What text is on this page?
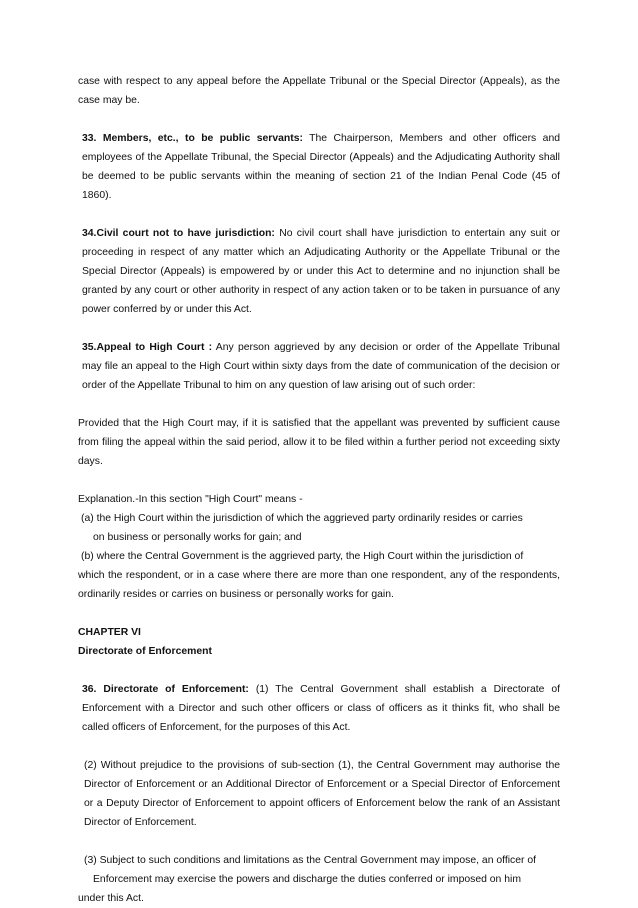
case with respect to any appeal before the Appellate Tribunal or the Special Director (Appeals), as the case may be.

33. Members, etc., to be public servants: The Chairperson, Members and other officers and employees of the Appellate Tribunal, the Special Director (Appeals) and the Adjudicating Authority shall be deemed to be public servants within the meaning of section 21 of the Indian Penal Code (45 of 1860).

34.Civil court not to have jurisdiction: No civil court shall have jurisdiction to entertain any suit or proceeding in respect of any matter which an Adjudicating Authority or the Appellate Tribunal or the Special Director (Appeals) is empowered by or under this Act to determine and no injunction shall be granted by any court or other authority in respect of any action taken or to be taken in pursuance of any power conferred by or under this Act.

35.Appeal to High Court : Any person aggrieved by any decision or order of the Appellate Tribunal may file an appeal to the High Court within sixty days from the date of communication of the decision or order of the Appellate Tribunal to him on any question of law arising out of such order:

Provided that the High Court may, if it is satisfied that the appellant was prevented by sufficient cause from filing the appeal within the said period, allow it to be filed within a further period not exceeding sixty days.

Explanation.-In this section "High Court" means -
(a) the High Court within the jurisdiction of which the aggrieved party ordinarily resides or carries
on business or personally works for gain; and
(b) where the Central Government is the aggrieved party, the High Court within the jurisdiction of
which the respondent, or in a case where there are more than one respondent, any of the respondents, ordinarily resides or carries on business or personally works for gain.
CHAPTER VI
Directorate of Enforcement

36. Directorate of Enforcement: (1) The Central Government shall establish a Directorate of Enforcement with a Director and such other officers or class of officers as it thinks fit, who shall be called officers of Enforcement, for the purposes of this Act.

(2) Without prejudice to the provisions of sub-section (1), the Central Government may authorise the Director of Enforcement or an Additional Director of Enforcement or a Special Director of Enforcement or a Deputy Director of Enforcement to appoint officers of Enforcement below the rank of an Assistant Director of Enforcement.

(3) Subject to such conditions and limitations as the Central Government may impose, an officer of
Enforcement may exercise the powers and discharge the duties conferred or imposed on him
under this Act.
